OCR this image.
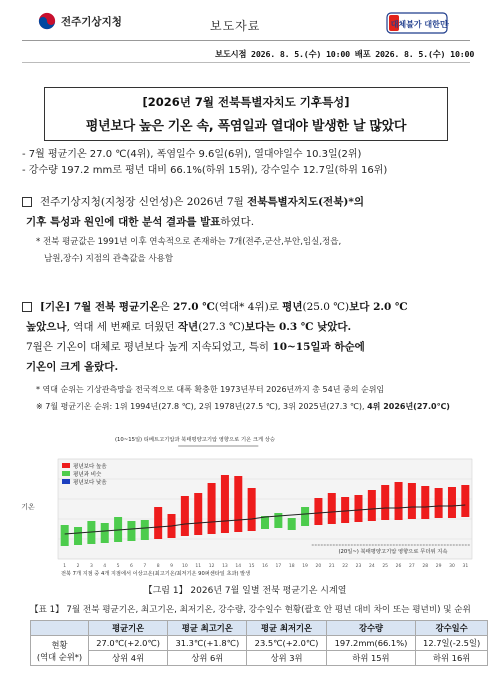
전주기상지청	보도자료	대체불가 대한민국
보도시점 2026. 8. 5.(수) 10:00 배포 2026. 8. 5.(수) 10:00
[2026년 7월 전북특별자치도 기후특성]
평년보다 높은 기온 속, 폭염일과 열대야 발생한 날 많았다
- 7월 평균기온 27.0 ℃(4위), 폭염일수 9.6일(6위), 열대야일수 10.3일(2위)
- 강수량 197.2 mm로 평년 대비 66.1%(하위 15위), 강수일수 12.7일(하위 16위)
전주기상지청(지청장 신언성)은 2026년 7월 전북특별자치도(전북)*의
기후 특성과 원인에 대한 분석 결과를 발표하였다.
* 전북 평균값은 1991년 이후 연속적으로 존재하는 7개(전주,군산,부안,임실,정읍,
남원,장수) 지점의 관측값을 사용함
[기온] 7월 전북 평균기온은 27.0 ℃(역대* 4위)로 평년(25.0 ℃)보다 2.0 ℃
높았으나, 역대 세 번째로 더웠던 작년(27.3 ℃)보다는 0.3 ℃ 낮았다.
7월은 기온이 대체로 평년보다 높게 지속되었고, 특히 10~15일과 하순에
기온이 크게 올랐다.
* 역대 순위는 기상관측망을 전국적으로 대폭 확충한 1973년부터 2026년까지 총 54년 중의 순위임
※ 7월 평균기온 순위: 1위 1994년(27.8 ℃), 2위 1978년(27.5 ℃), 3위 2025년(27.3 ℃), 4위 2026년(27.0℃)
1 2 3 4 5 6 7 8 9 10 11 12 13 14 15 16 17 18 19 20 21 22 23 24 25 26 27 28 29 30 31
기온
평년보다 높음
평년과 비슷
평년보다 낮음
(10~15일) 티베트고기압과 북태평양고기압 영향으로 기온 크게 상승
(20일~) 북태평양고기압 영향으로 무더위 지속
전북 7개 지점 중 4개 지점에서 이상고온(최고기온/최저기온 90퍼센타일 초과) 발생
【그림 1】 2026년 7월 일별 전북 평균기온 시계열
【표 1】 7월 전북 평균기온, 최고기온, 최저기온, 강수량, 강수일수 현황(괄호 안 평년 대비 차이 또는 평년비) 및 순위
	평균기온	평균 최고기온	평균 최저기온	강수량	강수일수

현황
(역대 순위*)	27.0℃(+2.0℃)	31.3℃(+1.8℃)	23.5℃(+2.0℃)	197.2mm(66.1%)	12.7일(-2.5일)
	상위 4위	상위 6위	상위 3위	하위 15위	하위 16위
